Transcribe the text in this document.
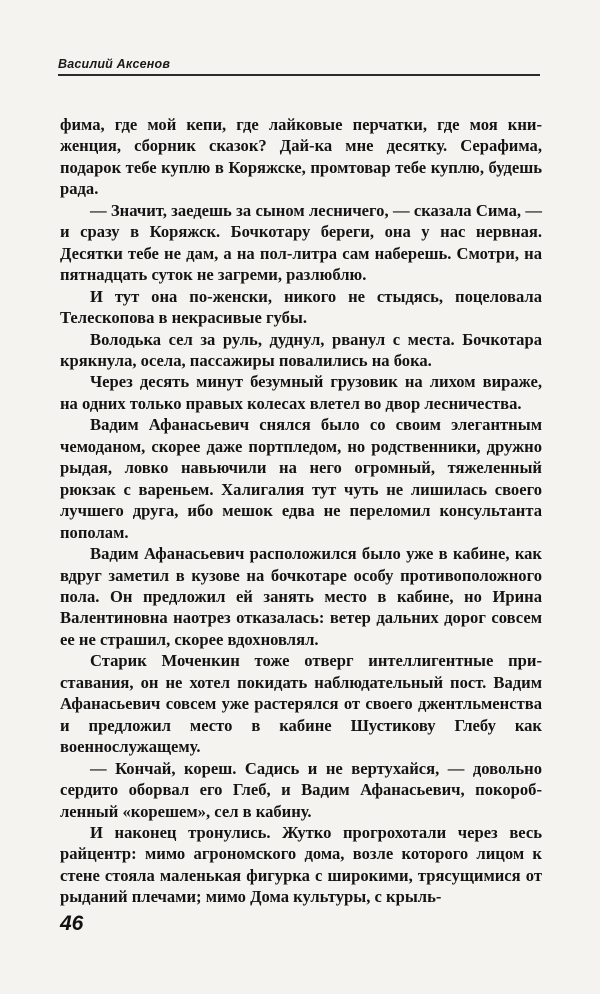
Василий Аксенов

фима, где мой кепи, где лайковые перчатки, где моя книженция, сборник сказок? Дай-ка мне десятку. Серафима, подарок тебе куплю в Коряжске, промтовар тебе куплю, будешь рада.

— Значит, заедешь за сыном лесничего, — сказала Сима, — и сразу в Коряжск. Бочкотару береги, она у нас нервная. Десятки тебе не дам, а на пол-литра сам наберешь. Смотри, на пятнадцать суток не загреми, разлюблю.

И тут она по-женски, никого не стыдясь, поцеловала Телескопова в некрасивые губы.

Володька сел за руль, дуднул, рванул с места. Бочкотара крякнула, осела, пассажиры повалились на бока.

Через десять минут безумный грузовик на лихом вираже, на одних только правых колесах влетел во двор лесничества.

Вадим Афанасьевич снялся было со своим элегантным чемоданом, скорее даже портпледом, но родственники, дружно рыдая, ловко навьючили на него огромный, тяжеленный рюкзак с вареньем. Халигалия тут чуть не лишилась своего лучшего друга, ибо мешок едва не переломил консультанта пополам.

Вадим Афанасьевич расположился было уже в кабине, как вдруг заметил в кузове на бочкотаре особу противоположного пола. Он предложил ей занять место в кабине, но Ирина Валентиновна наотрез отказалась: ветер дальних дорог совсем ее не страшил, скорее вдохновлял.

Старик Моченкин тоже отверг интеллигентные приставания, он не хотел покидать наблюдательный пост. Вадим Афанасьевич совсем уже растерялся от своего джентльменства и предложил место в кабине Шустикову Глебу как военнослужащему.

— Кончай, кореш. Садись и не вертухайся, — довольно сердито оборвал его Глеб, и Вадим Афанасьевич, покоробленный «корешем», сел в кабину.

И наконец тронулись. Жутко прогрохотали через весь райцентр: мимо агрономского дома, возле которого лицом к стене стояла маленькая фигурка с широкими, трясущимися от рыданий плечами; мимо Дома культуры, с крыль-

46
